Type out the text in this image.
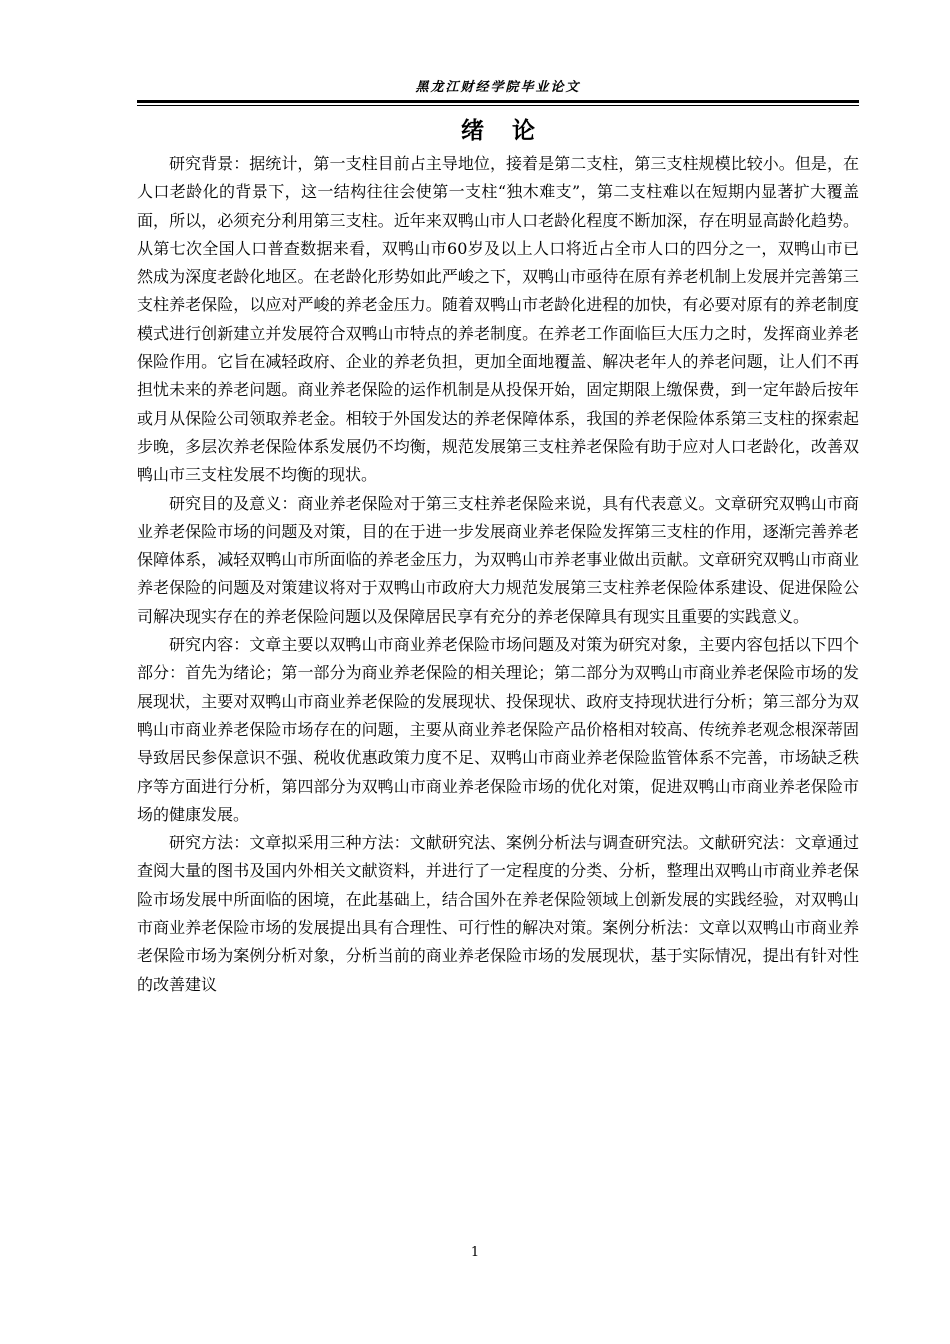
黑龙江财经学院毕业论文
绪论

研究背景：据统计，第一支柱目前占主导地位，接着是第二支柱，第三支柱规模比较小。但是，在人口老龄化的背景下，这一结构往往会使第一支柱“独木难支”，第二支柱难以在短期内显著扩大覆盖面，所以，必须充分利用第三支柱。近年来双鸭山市人口老龄化程度不断加深，存在明显高龄化趋势。从第七次全国人口普查数据来看，双鸭山市60岁及以上人口将近占全市人口的四分之一，双鸭山市已然成为深度老龄化地区。在老龄化形势如此严峻之下，双鸭山市亟待在原有养老机制上发展并完善第三支柱养老保险，以应对严峻的养老金压力。随着双鸭山市老龄化进程的加快，有必要对原有的养老制度模式进行创新建立并发展符合双鸭山市特点的养老制度。在养老工作面临巨大压力之时，发挥商业养老保险作用。它旨在减轻政府、企业的养老负担，更加全面地覆盖、解决老年人的养老问题，让人们不再担忧未来的养老问题。商业养老保险的运作机制是从投保开始，固定期限上缴保费，到一定年龄后按年或月从保险公司领取养老金。相较于外国发达的养老保障体系，我国的养老保险体系第三支柱的探索起步晚，多层次养老保险体系发展仍不均衡，规范发展第三支柱养老保险有助于应对人口老龄化，改善双鸭山市三支柱发展不均衡的现状。

研究目的及意义：商业养老保险对于第三支柱养老保险来说，具有代表意义。文章研究双鸭山市商业养老保险市场的问题及对策，目的在于进一步发展商业养老保险发挥第三支柱的作用，逐渐完善养老保障体系，减轻双鸭山市所面临的养老金压力，为双鸭山市养老事业做出贡献。文章研究双鸭山市商业养老保险的问题及对策建议将对于双鸭山市政府大力规范发展第三支柱养老保险体系建设、促进保险公司解决现实存在的养老保险问题以及保障居民享有充分的养老保障具有现实且重要的实践意义。

研究内容：文章主要以双鸭山市商业养老保险市场问题及对策为研究对象，主要内容包括以下四个部分：首先为绪论；第一部分为商业养老保险的相关理论；第二部分为双鸭山市商业养老保险市场的发展现状，主要对双鸭山市商业养老保险的发展现状、投保现状、政府支持现状进行分析；第三部分为双鸭山市商业养老保险市场存在的问题，主要从商业养老保险产品价格相对较高、传统养老观念根深蒂固导致居民参保意识不强、税收优惠政策力度不足、双鸭山市商业养老保险监管体系不完善，市场缺乏秩序等方面进行分析，第四部分为双鸭山市商业养老保险市场的优化对策，促进双鸭山市商业养老保险市场的健康发展。

研究方法：文章拟采用三种方法：文献研究法、案例分析法与调查研究法。文献研究法：文章通过查阅大量的图书及国内外相关文献资料，并进行了一定程度的分类、分析，整理出双鸭山市商业养老保险市场发展中所面临的困境，在此基础上，结合国外在养老保险领域上创新发展的实践经验，对双鸭山市商业养老保险市场的发展提出具有合理性、可行性的解决对策。案例分析法：文章以双鸭山市商业养老保险市场为案例分析对象，分析当前的商业养老保险市场的发展现状，基于实际情况，提出有针对性的改善建议

1
